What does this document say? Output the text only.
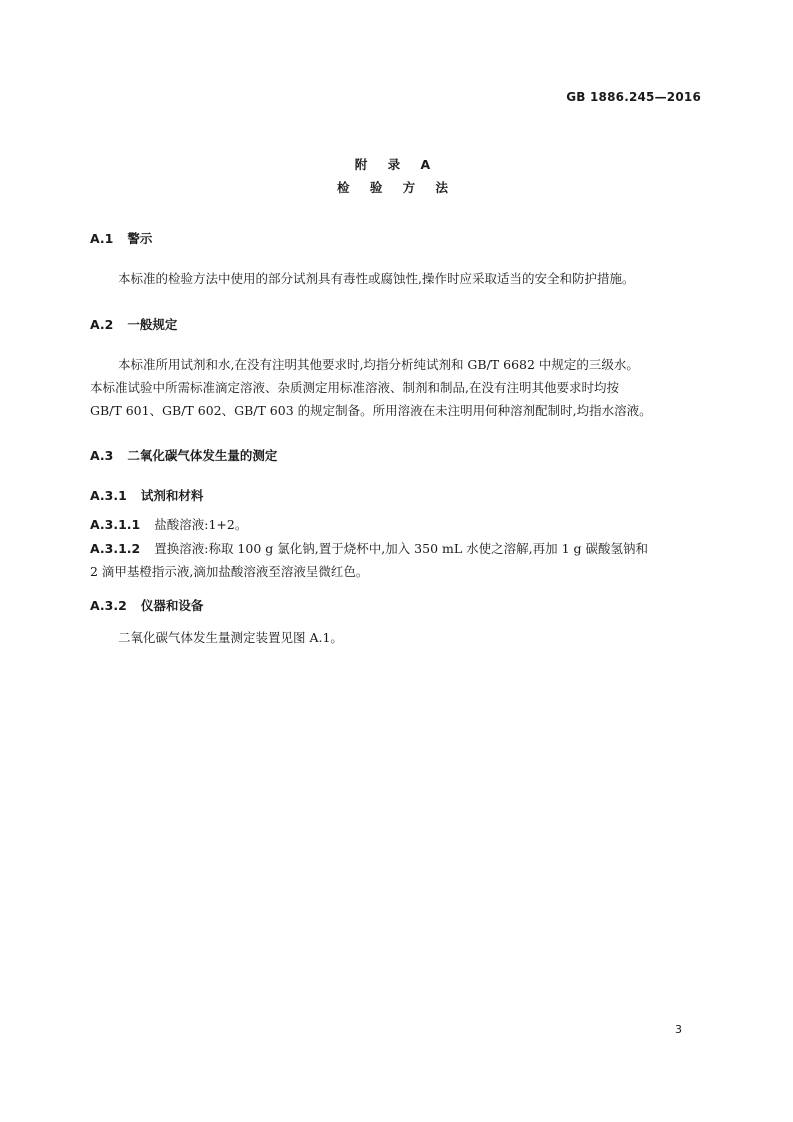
GB 1886.245—2016
附 录 A
检 验 方 法
A.1 警示
本标准的检验方法中使用的部分试剂具有毒性或腐蚀性,操作时应采取适当的安全和防护措施。
A.2 一般规定
本标准所用试剂和水,在没有注明其他要求时,均指分析纯试剂和 GB/T 6682 中规定的三级水。
本标准试验中所需标准滴定溶液、杂质测定用标准溶液、制剂和制品,在没有注明其他要求时均按
GB/T 601、GB/T 602、GB/T 603 的规定制备。所用溶液在未注明用何种溶剂配制时,均指水溶液。
A.3 二氧化碳气体发生量的测定
A.3.1 试剂和材料
A.3.1.1 盐酸溶液:1+2。
A.3.1.2 置换溶液:称取 100 g 氯化钠,置于烧杯中,加入 350 mL 水使之溶解,再加 1 g 碳酸氢钠和
2 滴甲基橙指示液,滴加盐酸溶液至溶液呈微红色。
A.3.2 仪器和设备
二氧化碳气体发生量测定装置见图 A.1。
3
